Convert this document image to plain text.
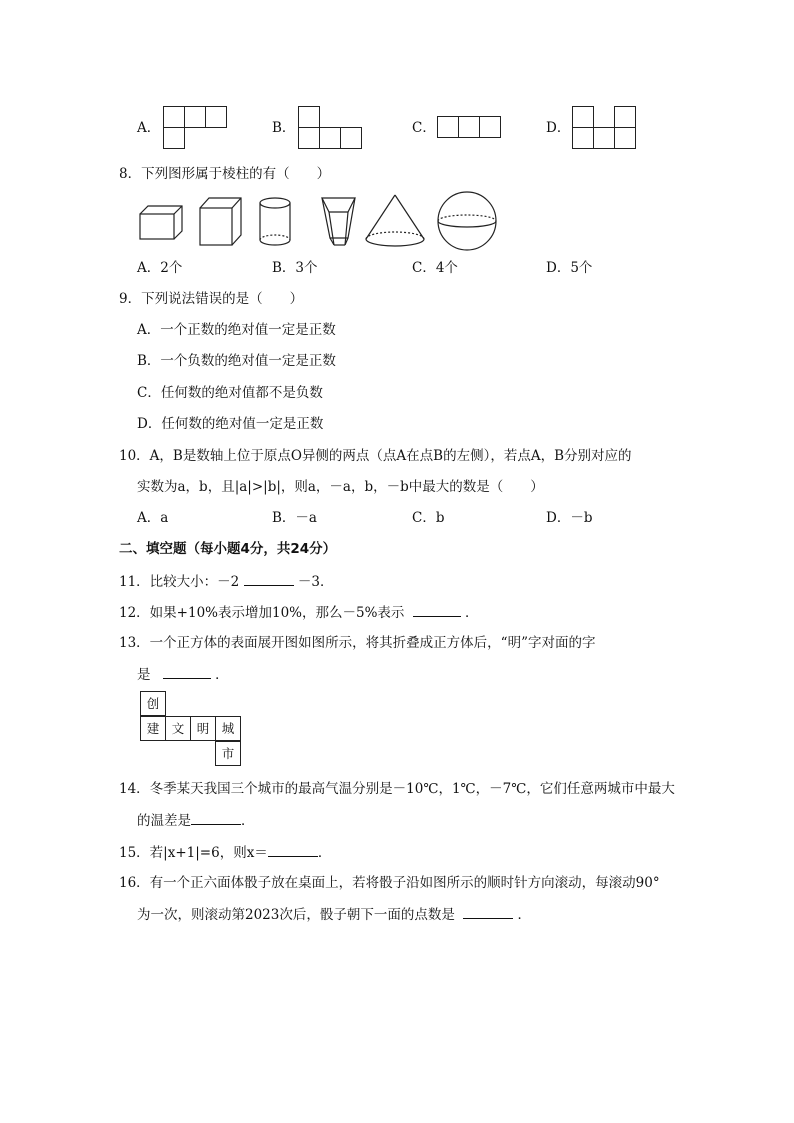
A．	B．	C．	D．
8．下列图形属于棱柱的有（　　）
A．2个	B．3个	C．4个	D．5个
9．下列说法错误的是（　　）
A．一个正数的绝对值一定是正数
B．一个负数的绝对值一定是正数
C．任何数的绝对值都不是负数
D．任何数的绝对值一定是正数
10．A，B是数轴上位于原点O异侧的两点（点A在点B的左侧），若点A，B分别对应的
实数为a，b，且|a|>|b|，则a，－a，b，－b中最大的数是（　　）
A．a	B．－a	C．b	D．－b
二、填空题（每小题4分，共24分）
11．比较大小：－2	－3．
12．如果+10%表示增加10%，那么－5%表示	．
13．一个正方体的表面展开图如图所示，将其折叠成正方体后，“明”字对面的字
是	．
创
建 文 明 城
市
14．冬季某天我国三个城市的最高气温分别是－10℃，1℃，－7℃，它们任意两城市中最大
的温差是	．
15．若|x+1|=6，则x＝	．
16．有一个正六面体骰子放在桌面上，若将骰子沿如图所示的顺时针方向滚动，每滚动90°
为一次，则滚动第2023次后，骰子朝下一面的点数是	．
